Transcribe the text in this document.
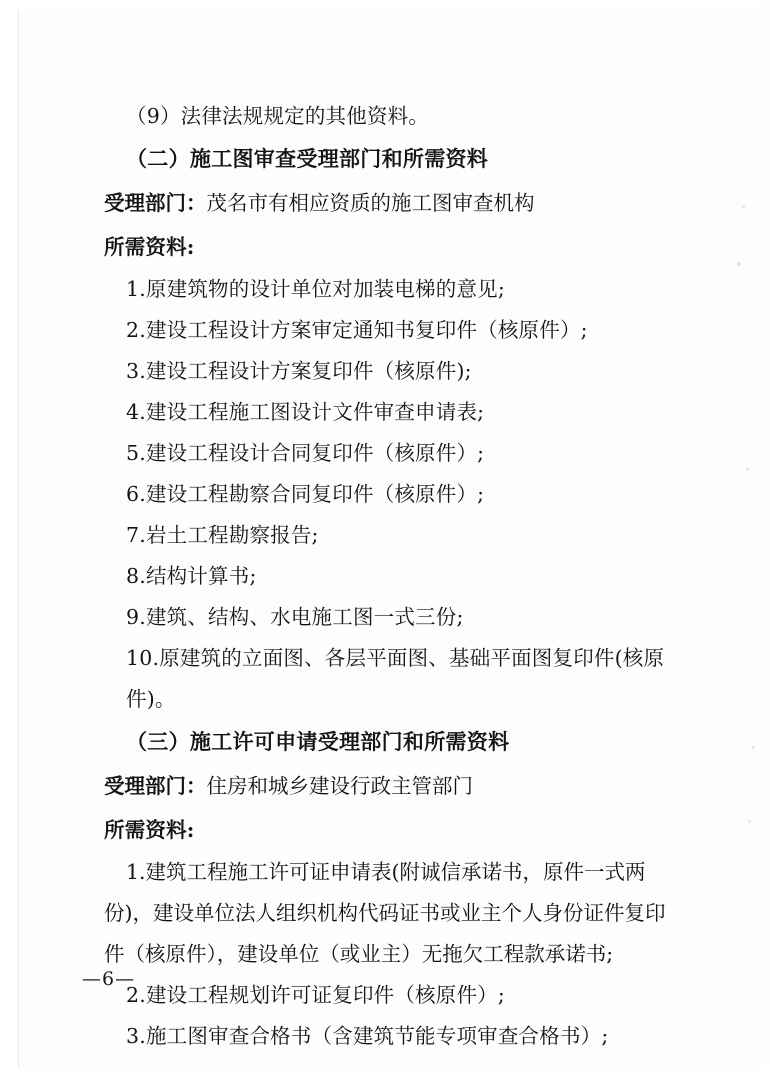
（9）法律法规规定的其他资料。
（二）施工图审查受理部门和所需资料
受理部门：茂名市有相应资质的施工图审查机构
所需资料:
1.原建筑物的设计单位对加装电梯的意见;
2.建设工程设计方案审定通知书复印件（核原件）;
3.建设工程设计方案复印件（核原件);
4.建设工程施工图设计文件审查申请表;
5.建设工程设计合同复印件（核原件）;
6.建设工程勘察合同复印件（核原件）;
7.岩土工程勘察报告;
8.结构计算书;
9.建筑、结构、水电施工图一式三份;
10.原建筑的立面图、各层平面图、基础平面图复印件(核原件)。
（三）施工许可申请受理部门和所需资料
受理部门：住房和城乡建设行政主管部门
所需资料:
1.建筑工程施工许可证申请表(附诚信承诺书，原件一式两份)，建设单位法人组织机构代码证书或业主个人身份证件复印件（核原件），建设单位（或业主）无拖欠工程款承诺书;
2.建设工程规划许可证复印件（核原件）;
3.施工图审查合格书（含建筑节能专项审查合格书）;
—6—
